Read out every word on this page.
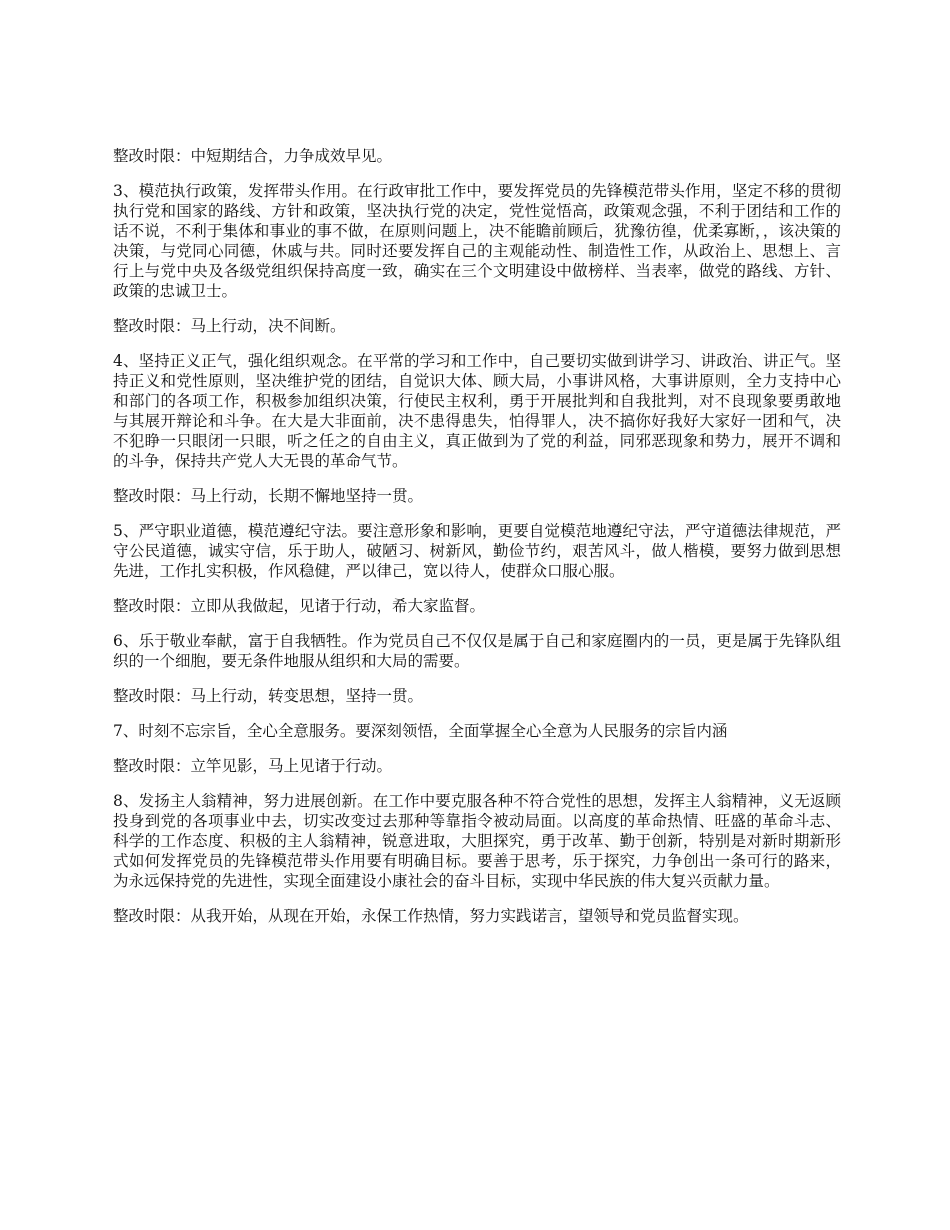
整改时限：中短期结合，力争成效早见。

3、模范执行政策，发挥带头作用。在行政审批工作中，要发挥党员的先锋模范带头作用，坚定不移的贯彻执行党和国家的路线、方针和政策，坚决执行党的决定，党性觉悟高，政策观念强，不利于团结和工作的话不说，不利于集体和事业的事不做，在原则问题上，决不能瞻前顾后，犹豫彷徨，优柔寡断，，该决策的决策，与党同心同德，休戚与共。同时还要发挥自己的主观能动性、制造性工作，从政治上、思想上、言行上与党中央及各级党组织保持高度一致，确实在三个文明建设中做榜样、当表率，做党的路线、方针、政策的忠诚卫士。

整改时限：马上行动，决不间断。

4、坚持正义正气，强化组织观念。在平常的学习和工作中，自己要切实做到讲学习、讲政治、讲正气。坚持正义和党性原则，坚决维护党的团结，自觉识大体、顾大局，小事讲风格，大事讲原则，全力支持中心和部门的各项工作，积极参加组织决策，行使民主权利，勇于开展批判和自我批判，对不良现象要勇敢地与其展开辩论和斗争。在大是大非面前，决不患得患失，怕得罪人，决不搞你好我好大家好一团和气，决不犯睁一只眼闭一只眼，听之任之的自由主义，真正做到为了党的利益，同邪恶现象和势力，展开不调和的斗争，保持共产党人大无畏的革命气节。

整改时限：马上行动，长期不懈地坚持一贯。

5、严守职业道德，模范遵纪守法。要注意形象和影响，更要自觉模范地遵纪守法，严守道德法律规范，严守公民道德，诚实守信，乐于助人，破陋习、树新风，勤俭节约，艰苦风斗，做人楷模，要努力做到思想先进，工作扎实积极，作风稳健，严以律己，宽以待人，使群众口服心服。

整改时限：立即从我做起，见诸于行动，希大家监督。

6、乐于敬业奉献，富于自我牺牲。作为党员自己不仅仅是属于自己和家庭圈内的一员，更是属于先锋队组织的一个细胞，要无条件地服从组织和大局的需要。

整改时限：马上行动，转变思想，坚持一贯。

7、时刻不忘宗旨，全心全意服务。要深刻领悟，全面掌握全心全意为人民服务的宗旨内涵

整改时限：立竿见影，马上见诸于行动。

8、发扬主人翁精神，努力进展创新。在工作中要克服各种不符合党性的思想，发挥主人翁精神，义无返顾投身到党的各项事业中去，切实改变过去那种等靠指令被动局面。以高度的革命热情、旺盛的革命斗志、科学的工作态度、积极的主人翁精神，锐意进取，大胆探究，勇于改革、勤于创新，特别是对新时期新形式如何发挥党员的先锋模范带头作用要有明确目标。要善于思考，乐于探究，力争创出一条可行的路来，为永远保持党的先进性，实现全面建设小康社会的奋斗目标，实现中华民族的伟大复兴贡献力量。

整改时限：从我开始，从现在开始，永保工作热情，努力实践诺言，望领导和党员监督实现。
